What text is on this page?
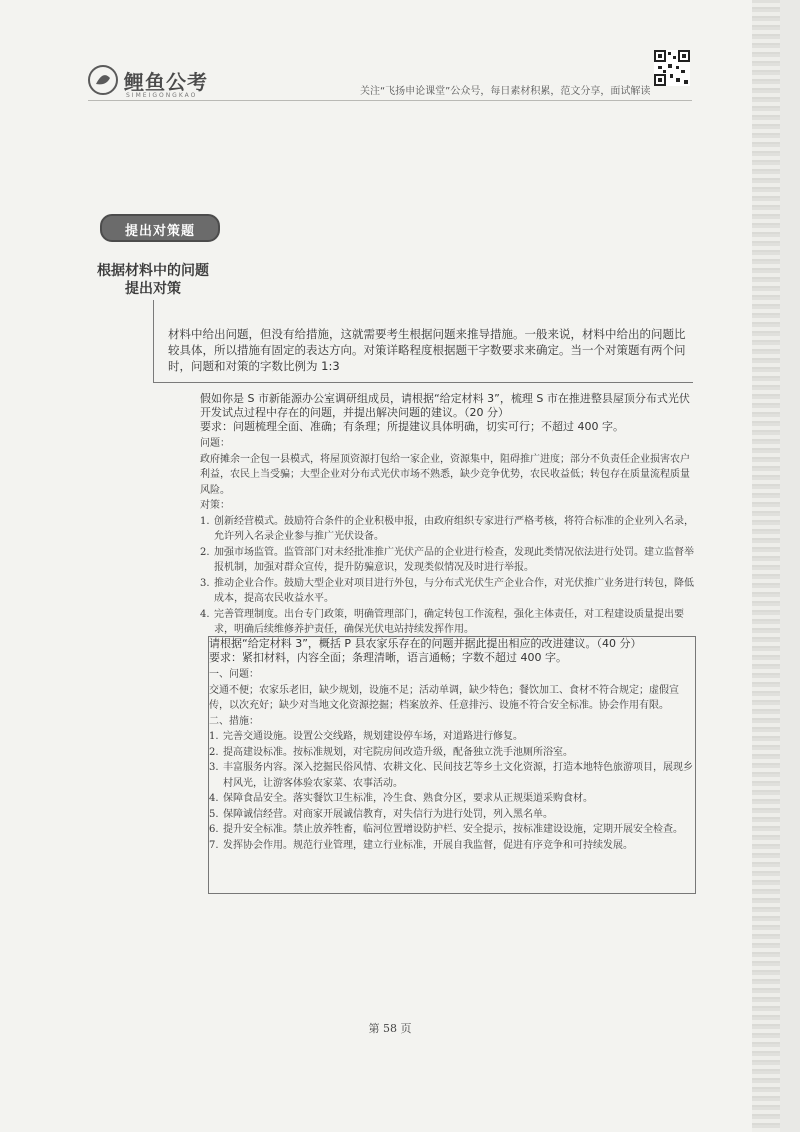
鲤鱼公考
SIMEIGONGKAO	关注“飞扬申论课堂”公众号，每日素材积累，范文分享，面试解读
提出对策题
根据材料中的问题
提出对策

材料中给出问题，但没有给措施，这就需要考生根据问题来推导措施。一般来说，材料中给出的问题比较具体，所以措施有固定的表达方向。对策详略程度根据题干字数要求来确定。当一个对策题有两个问时，问题和对策的字数比例为 1:3

假如你是 S 市新能源办公室调研组成员，请根据“给定材料 3”，梳理 S 市在推进整县屋顶分布式光伏开发试点过程中存在的问题，并提出解决问题的建议。（20 分）

要求：问题梳理全面、准确；有条理；所提建议具体明确，切实可行；不超过 400 字。

问题：

政府摊余一企包一县模式，将屋顶资源打包给一家企业，资源集中，阻碍推广进度；部分不负责任企业损害农户利益，农民上当受骗；大型企业对分布式光伏市场不熟悉，缺少竞争优势，农民收益低；转包存在质量流程质量风险。

对策：

1. 创新经营模式。鼓励符合条件的企业积极申报，由政府组织专家进行严格考核，将符合标准的企业列入名录，允许列入名录企业参与推广光伏设备。
2. 加强市场监管。监管部门对未经批准推广光伏产品的企业进行检查，发现此类情况依法进行处罚。建立监督举报机制，加强对群众宣传，提升防骗意识，发现类似情况及时进行举报。
3. 推动企业合作。鼓励大型企业对项目进行外包，与分布式光伏生产企业合作，对光伏推广业务进行转包，降低成本，提高农民收益水平。
4. 完善管理制度。出台专门政策，明确管理部门，确定转包工作流程，强化主体责任，对工程建设质量提出要求，明确后续维修养护责任，确保光伏电站持续发挥作用。

请根据“给定材料 3”，概括 P 县农家乐存在的问题并据此提出相应的改进建议。（40 分）

要求：紧扣材料，内容全面；条理清晰，语言通畅；字数不超过 400 字。

一、问题：

交通不便；农家乐老旧，缺少规划，设施不足；活动单调，缺少特色；餐饮加工、食材不符合规定；虚假宣传，以次充好；缺少对当地文化资源挖掘；档案放养、任意排污、设施不符合安全标准。协会作用有限。

二、措施：

1. 完善交通设施。设置公交线路，规划建设停车场，对道路进行修复。
2. 提高建设标准。按标准规划，对宅院房间改造升级，配备独立洗手池厕所浴室。
3. 丰富服务内容。深入挖掘民俗风情、农耕文化、民间技艺等乡土文化资源，打造本地特色旅游项目，展现乡村风光，让游客体验农家菜、农事活动。
4. 保障食品安全。落实餐饮卫生标准，冷生食、熟食分区，要求从正规渠道采购食材。
5. 保障诚信经营。对商家开展诚信教育，对失信行为进行处罚，列入黑名单。
6. 提升安全标准。禁止放养牲畜，临河位置增设防护栏、安全提示，按标准建设设施，定期开展安全检查。
7. 发挥协会作用。规范行业管理，建立行业标准，开展自我监督，促进有序竞争和可持续发展。
第 58 页
